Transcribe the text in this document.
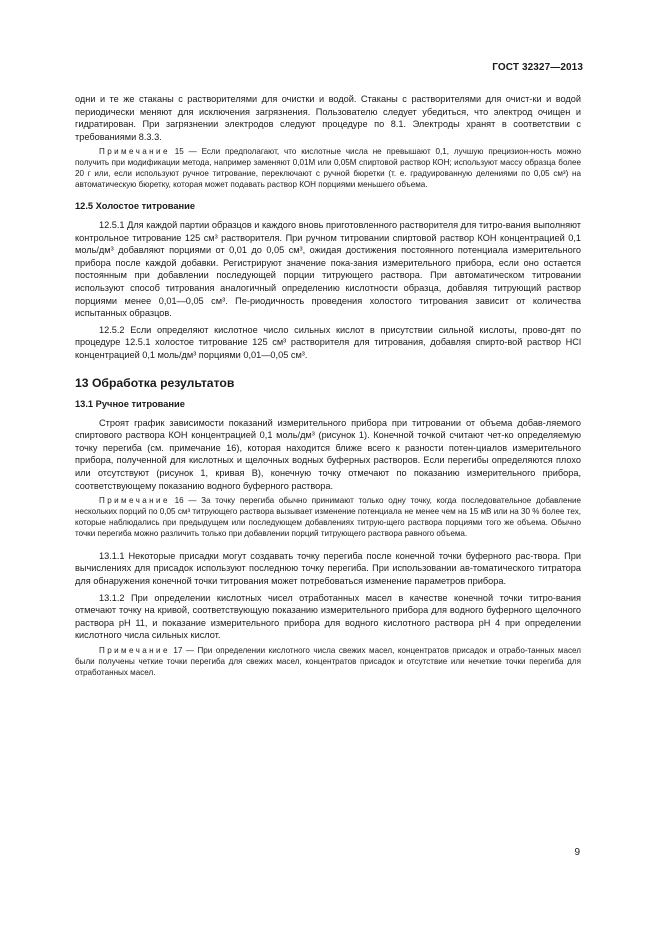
ГОСТ 32327—2013

одни и те же стаканы с растворителями для очистки и водой. Стаканы с растворителями для очист-ки и водой периодически меняют для исключения загрязнения. Пользователю следует убедиться, что электрод очищен и гидратирован. При загрязнении электродов следуют процедуре по 8.1. Электроды хранят в соответствии с требованиями 8.3.3.

Примечание 15 — Если предполагают, что кислотные числа не превышают 0,1, лучшую прецизион-ность можно получить при модификации метода, например заменяют 0,01М или 0,05М спиртовой раствор КОН; используют массу образца более 20 г или, если используют ручное титрование, переключают с ручной бюретки (т. е. градуированную делениями по 0,05 см³) на автоматическую бюретку, которая может подавать раствор КОН порциями меньшего объема.

12.5 Холостое титрование

12.5.1 Для каждой партии образцов и каждого вновь приготовленного растворителя для титро-вания выполняют контрольное титрование 125 см³ растворителя. При ручном титровании спиртовой раствор КОН концентрацией 0,1 моль/дм³ добавляют порциями от 0,01 до 0,05 см³, ожидая достижения постоянного потенциала измерительного прибора после каждой добавки. Регистрируют значение пока-зания измерительного прибора, если оно остается постоянным при добавлении последующей порции титрующего раствора. При автоматическом титровании используют способ титрования аналогичный определению кислотности образца, добавляя титрующий раствор порциями менее 0,01—0,05 см³. Пе-риодичность проведения холостого титрования зависит от количества испытанных образцов.

12.5.2 Если определяют кислотное число сильных кислот в присутствии сильной кислоты, прово-дят по процедуре 12.5.1 холостое титрование 125 см³ растворителя для титрования, добавляя спирто-вой раствор HCl концентрацией 0,1 моль/дм³ порциями 0,01—0,05 см³.

13 Обработка результатов
13.1 Ручное титрование

Строят график зависимости показаний измерительного прибора при титровании от объема добав-ляемого спиртового раствора КОН концентрацией 0,1 моль/дм³ (рисунок 1). Конечной точкой считают чет-ко определяемую точку перегиба (см. примечание 16), которая находится ближе всего к разности потен-циалов измерительного прибора, полученной для кислотных и щелочных водных буферных растворов. Если перегибы определяются плохо или отсутствуют (рисунок 1, кривая В), конечную точку отмечают по показанию измерительного прибора, соответствующему показанию водного буферного раствора.

Примечание 16 — За точку перегиба обычно принимают только одну точку, когда последовательное добавление нескольких порций по 0,05 см³ титрующего раствора вызывает изменение потенциала не менее чем на 15 мВ или на 30 % более тех, которые наблюдались при предыдущем или последующем добавлениях титрую-щего раствора порциями того же объема. Обычно точки перегиба можно различить только при добавлении порций титрующего раствора равного объема.

13.1.1 Некоторые присадки могут создавать точку перегиба после конечной точки буферного рас-твора. При вычислениях для присадок используют последнюю точку перегиба. При использовании ав-томатического титратора для обнаружения конечной точки титрования может потребоваться изменение параметров прибора.

13.1.2 При определении кислотных чисел отработанных масел в качестве конечной точки титро-вания отмечают точку на кривой, соответствующую показанию измерительного прибора для водного буферного щелочного раствора рН 11, и показание измерительного прибора для водного кислотного раствора рН 4 при определении кислотного числа сильных кислот.

Примечание 17 — При определении кислотного числа свежих масел, концентратов присадок и отрабо-танных масел были получены четкие точки перегиба для свежих масел, концентратов присадок и отсутствие или нечеткие точки перегиба для отработанных масел.

9
